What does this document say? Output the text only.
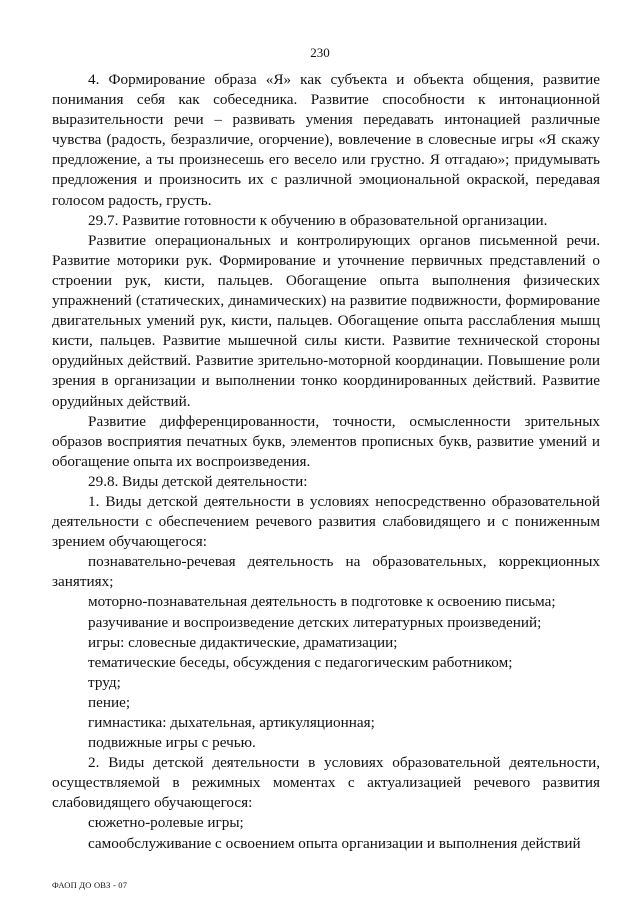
230

4. Формирование образа «Я» как субъекта и объекта общения, развитие понимания себя как собеседника. Развитие способности к интонационной выразительности речи – развивать умения передавать интонацией различные чувства (радость, безразличие, огорчение), вовлечение в словесные игры «Я скажу предложение, а ты произнесешь его весело или грустно. Я отгадаю»; придумывать предложения и произносить их с различной эмоциональной окраской, передавая голосом радость, грусть.

29.7. Развитие готовности к обучению в образовательной организации.

Развитие операциональных и контролирующих органов письменной речи. Развитие моторики рук. Формирование и уточнение первичных представлений о строении рук, кисти, пальцев. Обогащение опыта выполнения физических упражнений (статических, динамических) на развитие подвижности, формирование двигательных умений рук, кисти, пальцев. Обогащение опыта расслабления мышц кисти, пальцев. Развитие мышечной силы кисти. Развитие технической стороны орудийных действий. Развитие зрительно-моторной координации. Повышение роли зрения в организации и выполнении тонко координированных действий. Развитие орудийных действий.

Развитие дифференцированности, точности, осмысленности зрительных образов восприятия печатных букв, элементов прописных букв, развитие умений и обогащение опыта их воспроизведения.

29.8. Виды детской деятельности:

1. Виды детской деятельности в условиях непосредственно образовательной деятельности с обеспечением речевого развития слабовидящего и с пониженным зрением обучающегося:

познавательно-речевая деятельность на образовательных, коррекционных занятиях;

моторно-познавательная деятельность в подготовке к освоению письма;

разучивание и воспроизведение детских литературных произведений;

игры: словесные дидактические, драматизации;

тематические беседы, обсуждения с педагогическим работником;

труд;

пение;

гимнастика: дыхательная, артикуляционная;

подвижные игры с речью.

2. Виды детской деятельности в условиях образовательной деятельности, осуществляемой в режимных моментах с актуализацией речевого развития слабовидящего обучающегося:

сюжетно-ролевые игры;

самообслуживание с освоением опыта организации и выполнения действий

ФАОП ДО ОВЗ - 07
